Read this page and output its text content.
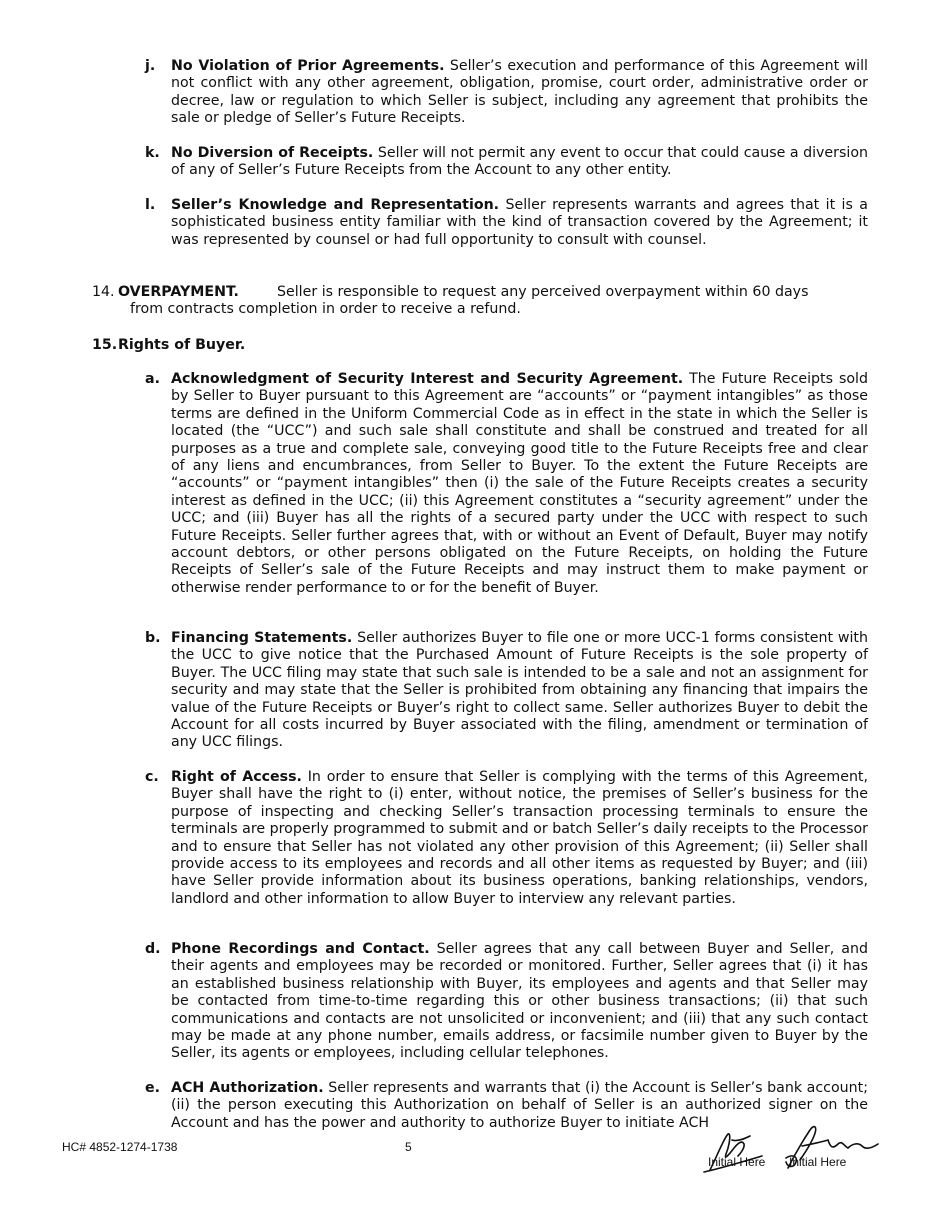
j. No Violation of Prior Agreements. Seller’s execution and performance of this Agreement will not conflict with any other agreement, obligation, promise, court order, administrative order or decree, law or regulation to which Seller is subject, including any agreement that prohibits the sale or pledge of Seller’s Future Receipts.
k. No Diversion of Receipts. Seller will not permit any event to occur that could cause a diversion of any of Seller’s Future Receipts from the Account to any other entity.
l. Seller’s Knowledge and Representation. Seller represents warrants and agrees that it is a sophisticated business entity familiar with the kind of transaction covered by the Agreement; it was represented by counsel or had full opportunity to consult with counsel.
14. OVERPAYMENT.	Seller is responsible to request any perceived overpayment within 60 days
from contracts completion in order to receive a refund.
15. Rights of Buyer.
a. Acknowledgment of Security Interest and Security Agreement. The Future Receipts sold by Seller to Buyer pursuant to this Agreement are “accounts” or “payment intangibles” as those terms are defined in the Uniform Commercial Code as in effect in the state in which the Seller is located (the “UCC”) and such sale shall constitute and shall be construed and treated for all purposes as a true and complete sale, conveying good title to the Future Receipts free and clear of any liens and encumbrances, from Seller to Buyer. To the extent the Future Receipts are “accounts” or “payment intangibles” then (i) the sale of the Future Receipts creates a security interest as defined in the UCC; (ii) this Agreement constitutes a “security agreement” under the UCC; and (iii) Buyer has all the rights of a secured party under the UCC with respect to such Future Receipts. Seller further agrees that, with or without an Event of Default, Buyer may notify account debtors, or other persons obligated on the Future Receipts, on holding the Future Receipts of Seller’s sale of the Future Receipts and may instruct them to make payment or otherwise render performance to or for the benefit of Buyer.
b. Financing Statements. Seller authorizes Buyer to file one or more UCC-1 forms consistent with the UCC to give notice that the Purchased Amount of Future Receipts is the sole property of Buyer. The UCC filing may state that such sale is intended to be a sale and not an assignment for security and may state that the Seller is prohibited from obtaining any financing that impairs the value of the Future Receipts or Buyer’s right to collect same. Seller authorizes Buyer to debit the Account for all costs incurred by Buyer associated with the filing, amendment or termination of any UCC filings.
c. Right of Access. In order to ensure that Seller is complying with the terms of this Agreement, Buyer shall have the right to (i) enter, without notice, the premises of Seller’s business for the purpose of inspecting and checking Seller’s transaction processing terminals to ensure the terminals are properly programmed to submit and or batch Seller’s daily receipts to the Processor and to ensure that Seller has not violated any other provision of this Agreement; (ii) Seller shall provide access to its employees and records and all other items as requested by Buyer; and (iii) have Seller provide information about its business operations, banking relationships, vendors, landlord and other information to allow Buyer to interview any relevant parties.
d. Phone Recordings and Contact. Seller agrees that any call between Buyer and Seller, and their agents and employees may be recorded or monitored. Further, Seller agrees that (i) it has an established business relationship with Buyer, its employees and agents and that Seller may be contacted from time-to-time regarding this or other business transactions; (ii) that such communications and contacts are not unsolicited or inconvenient; and (iii) that any such contact may be made at any phone number, emails address, or facsimile number given to Buyer by the Seller, its agents or employees, including cellular telephones.
e. ACH Authorization. Seller represents and warrants that (i) the Account is Seller’s bank account; (ii) the person executing this Authorization on behalf of Seller is an authorized signer on the Account and has the power and authority to authorize Buyer to initiate ACH
HC# 4852-1274-1738	5
Initial Here Initial Here
